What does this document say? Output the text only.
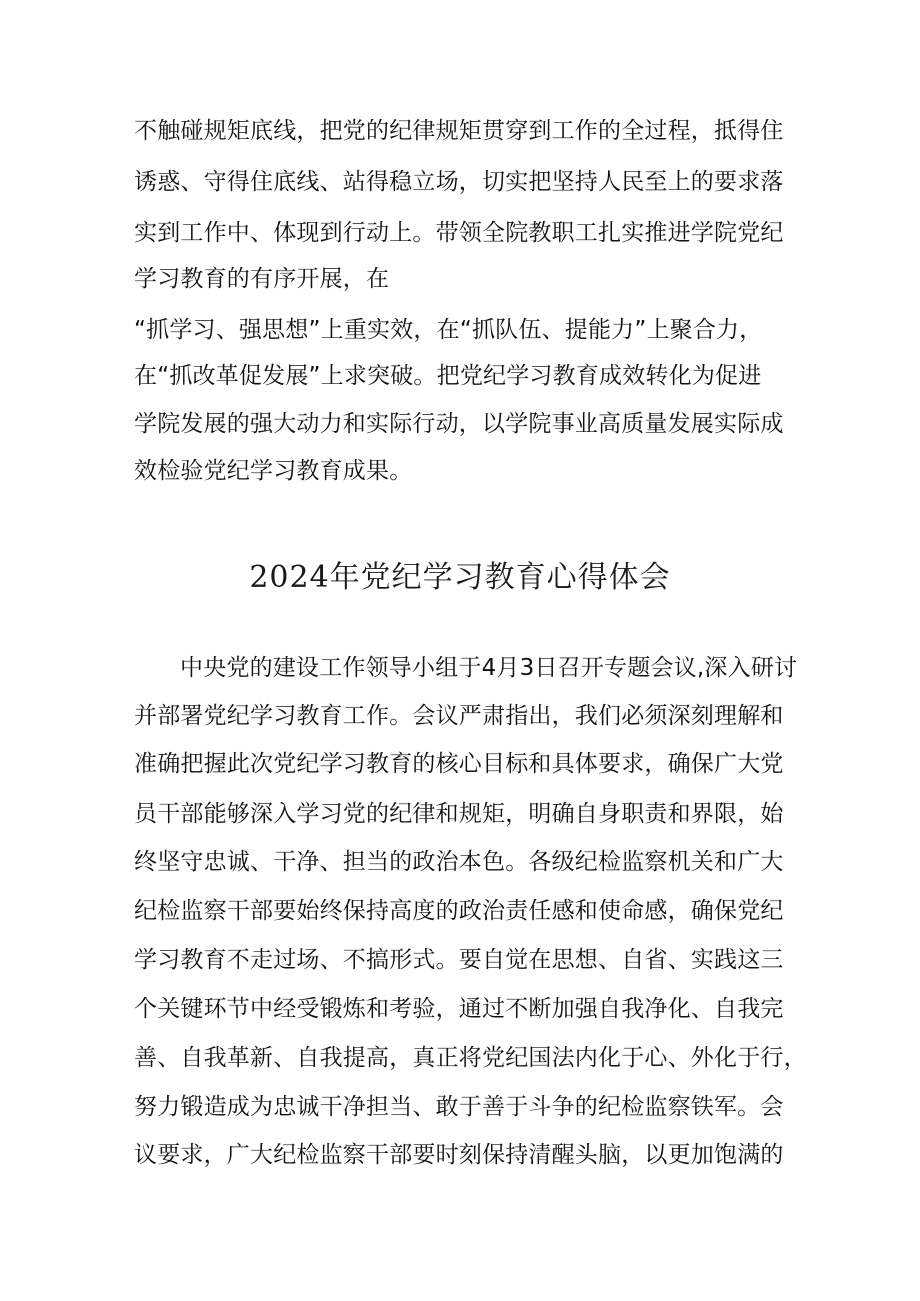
不触碰规矩底线，把党的纪律规矩贯穿到工作的全过程，抵得住
诱惑、守得住底线、站得稳立场，切实把坚持人民至上的要求落
实到工作中、体现到行动上。带领全院教职工扎实推进学院党纪
学习教育的有序开展，在
“抓学习、强思想”上重实效，在“抓队伍、提能力”上聚合力，
在“抓改革促发展”上求突破。把党纪学习教育成效转化为促进
学院发展的强大动力和实际行动，以学院事业高质量发展实际成
效检验党纪学习教育成果。
2024年党纪学习教育心得体会
中央党的建设工作领导小组于4月3日召开专题会议,深入研讨
并部署党纪学习教育工作。会议严肃指出，我们必须深刻理解和
准确把握此次党纪学习教育的核心目标和具体要求，确保广大党
员干部能够深入学习党的纪律和规矩，明确自身职责和界限，始
终坚守忠诚、干净、担当的政治本色。各级纪检监察机关和广大
纪检监察干部要始终保持高度的政治责任感和使命感，确保党纪
学习教育不走过场、不搞形式。要自觉在思想、自省、实践这三
个关键环节中经受锻炼和考验，通过不断加强自我净化、自我完
善、自我革新、自我提高，真正将党纪国法内化于心、外化于行，
努力锻造成为忠诚干净担当、敢于善于斗争的纪检监察铁军。会
议要求，广大纪检监察干部要时刻保持清醒头脑，以更加饱满的
